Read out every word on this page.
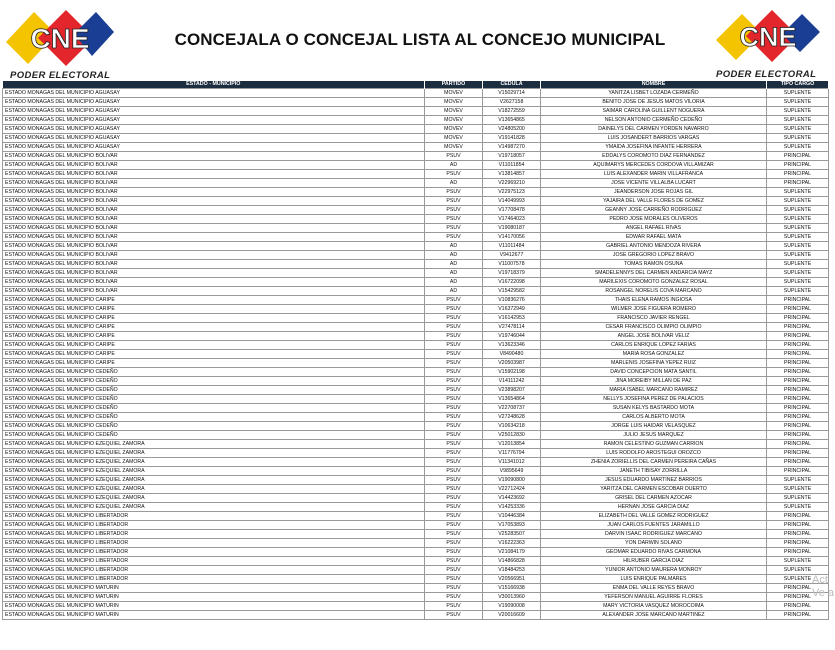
CNE
PODER ELECTORAL
CONCEJALA O CONCEJAL LISTA AL CONCEJO MUNICIPAL	CNE
PODER ELECTORAL
ESTADO - MUNICIPIO	PARTIDO	CEDULA	NOMBRE	TIPO CARGO
ESTADO MONAGAS DEL MUNICIPIO AGUASAY	MOVEV	V15029714	YANITZA LISBET LOZADA CERMEÑO	SUPLENTE
ESTADO MONAGAS DEL MUNICIPIO AGUASAY	MOVEV	V2627158	BENITO JOSE DE JESUS MATOS VILORIA	SUPLENTE
ESTADO MONAGAS DEL MUNICIPIO AGUASAY	MOVEV	V18272559	SAIMAR CAROLINA GUILLENT NOGUERA	SUPLENTE
ESTADO MONAGAS DEL MUNICIPIO AGUASAY	MOVEV	V13654865	NELSON ANTONIO CERMEÑO CEDEÑO	SUPLENTE
ESTADO MONAGAS DEL MUNICIPIO AGUASAY	MOVEV	V24805200	DAINELYS DEL CARMEN YORDEN NAVARRO	SUPLENTE
ESTADO MONAGAS DEL MUNICIPIO AGUASAY	MOVEV	V19141828	LUIS JOSANDERT BARRIOS VARGAS	SUPLENTE
ESTADO MONAGAS DEL MUNICIPIO AGUASAY	MOVEV	V14987270	YMAIDA JOSEFINA INFANTE HERRERA	SUPLENTE
ESTADO MONAGAS DEL MUNICIPIO BOLIVAR	PSUV	V19718057	EDDALYS COROMOTO DIAZ FERNANDEZ	PRINCIPAL
ESTADO MONAGAS DEL MUNICIPIO BOLIVAR	AD	V11011854	AQUIMARYS MERCEDES CORDOVA VILLAMIZAR	PRINCIPAL
ESTADO MONAGAS DEL MUNICIPIO BOLIVAR	PSUV	V13814857	LUIS ALEXANDER MARIN VILLAFRANCA	PRINCIPAL
ESTADO MONAGAS DEL MUNICIPIO BOLIVAR	AD	V22969210	JOSE VICENTE VILLALBA LUCART	PRINCIPAL
ESTADO MONAGAS DEL MUNICIPIO BOLIVAR	PSUV	V22975123	JEANDERSON JOSE ROJAS GIL	SUPLENTE
ESTADO MONAGAS DEL MUNICIPIO BOLIVAR	PSUV	V14049993	YAJAIRA DEL VALLE FLORES DE GOMEZ	SUPLENTE
ESTADO MONAGAS DEL MUNICIPIO BOLIVAR	PSUV	V17708478	GEANNY JOSE CARREÑO RODRIGUEZ	SUPLENTE
ESTADO MONAGAS DEL MUNICIPIO BOLIVAR	PSUV	V17464023	PEDRO JOSE MORALES OLIVEROS	SUPLENTE
ESTADO MONAGAS DEL MUNICIPIO BOLIVAR	PSUV	V19080187	ANGEL RAFAEL RIVAS	SUPLENTE
ESTADO MONAGAS DEL MUNICIPIO BOLIVAR	PSUV	V14170056	EDWAR RAFAEL MATA	SUPLENTE
ESTADO MONAGAS DEL MUNICIPIO BOLIVAR	AD	V11011484	GABRIEL ANTONIO MENDOZA RIVERA	SUPLENTE
ESTADO MONAGAS DEL MUNICIPIO BOLIVAR	AD	V9412677	JOSE GREGORIO LOPEZ BRAVO	SUPLENTE
ESTADO MONAGAS DEL MUNICIPIO BOLIVAR	AD	V11007578	TOMAS RAMON OSUNA	SUPLENTE
ESTADO MONAGAS DEL MUNICIPIO BOLIVAR	AD	V19718379	SMADELENNYS DEL CARMEN ANDARCIA MAYZ	SUPLENTE
ESTADO MONAGAS DEL MUNICIPIO BOLIVAR	AD	V16722098	MARILEXIS COROMOTO GONZALEZ ROSAL	SUPLENTE
ESTADO MONAGAS DEL MUNICIPIO BOLIVAR	AD	V15429582	ROSANGEL NORELIS COVA MARCANO	SUPLENTE
ESTADO MONAGAS DEL MUNICIPIO CARIPE	PSUV	V10836276	THAIS ELENA RAMOS INGIOSA	PRINCIPAL
ESTADO MONAGAS DEL MUNICIPIO CARIPE	PSUV	V16372949	WILMER JOSE FIGUERA ROMERO	PRINCIPAL
ESTADO MONAGAS DEL MUNICIPIO CARIPE	PSUV	V16142953	FRANCISCO JAVIER RENGEL	PRINCIPAL
ESTADO MONAGAS DEL MUNICIPIO CARIPE	PSUV	V27478114	CESAR FRANCISCO OLIMPIO OLIMPIO	PRINCIPAL
ESTADO MONAGAS DEL MUNICIPIO CARIPE	PSUV	V19746044	ANGEL JOSE BOLIVAR VELIZ	PRINCIPAL
ESTADO MONAGAS DEL MUNICIPIO CARIPE	PSUV	V13623346	CARLOS ENRIQUE LOPEZ FARIAS	PRINCIPAL
ESTADO MONAGAS DEL MUNICIPIO CARIPE	PSUV	V8490480	MARIA ROSA GONZALEZ	PRINCIPAL
ESTADO MONAGAS DEL MUNICIPIO CARIPE	PSUV	V20503987	MARLENIS JOSEFINA YEPEZ RUIZ	PRINCIPAL
ESTADO MONAGAS DEL MUNICIPIO CEDEÑO	PSUV	V15902198	DAVID CONCEPCION MATA SANTIL	PRINCIPAL
ESTADO MONAGAS DEL MUNICIPIO CEDEÑO	PSUV	V14111242	JINA MOREIBY MILLAN DE PAZ	PRINCIPAL
ESTADO MONAGAS DEL MUNICIPIO CEDEÑO	PSUV	V23898207	MARIA ISABEL MARCANO RAMIREZ	PRINCIPAL
ESTADO MONAGAS DEL MUNICIPIO CEDEÑO	PSUV	V13654864	NELLYS JOSEFINA PEREZ DE PALACIOS	PRINCIPAL
ESTADO MONAGAS DEL MUNICIPIO CEDEÑO	PSUV	V22708737	SUSAN KELYS BASTARDO MOTA	PRINCIPAL
ESTADO MONAGAS DEL MUNICIPIO CEDEÑO	PSUV	V27248628	CARLOS ALBERTO MOTA	PRINCIPAL
ESTADO MONAGAS DEL MUNICIPIO CEDEÑO	PSUV	V10634218	JORGE LUIS HAIDAR VELASQUEZ	PRINCIPAL
ESTADO MONAGAS DEL MUNICIPIO CEDEÑO	PSUV	V25012830	JULIO JESUS MARQUEZ	PRINCIPAL
ESTADO MONAGAS DEL MUNICIPIO EZEQUIEL ZAMORA	PSUV	V12013854	RAMON CELESTINO GUZMAN CARRION	PRINCIPAL
ESTADO MONAGAS DEL MUNICIPIO EZEQUIEL ZAMORA	PSUV	V11776794	LUIS RODOLFO AROSTEGUI OROZCO	PRINCIPAL
ESTADO MONAGAS DEL MUNICIPIO EZEQUIEL ZAMORA	PSUV	V11341012	ZHENIA ZORIELLIS DEL CARMEN PEREIRA CAÑAS	PRINCIPAL
ESTADO MONAGAS DEL MUNICIPIO EZEQUIEL ZAMORA	PSUV	V9895649	JANETH TIBISAY ZORRILLA	PRINCIPAL
ESTADO MONAGAS DEL MUNICIPIO EZEQUIEL ZAMORA	PSUV	V19090800	JESUS EDUARDO MARTINEZ BARRIOS	SUPLENTE
ESTADO MONAGAS DEL MUNICIPIO EZEQUIEL ZAMORA	PSUV	V22712424	YARITZA DEL CARMEN ESCOBAR DUERTO	SUPLENTE
ESTADO MONAGAS DEL MUNICIPIO EZEQUIEL ZAMORA	PSUV	V14423692	GRISEL DEL CARMEN AZOCAR	SUPLENTE
ESTADO MONAGAS DEL MUNICIPIO EZEQUIEL ZAMORA	PSUV	V14253336	HERNAN JOSE GARCIA DIAZ	SUPLENTE
ESTADO MONAGAS DEL MUNICIPIO LIBERTADOR	PSUV	V10446384	ELIZABETH DEL VALLE GOMEZ RODRIGUEZ	PRINCIPAL
ESTADO MONAGAS DEL MUNICIPIO LIBERTADOR	PSUV	V17053893	JUAN CARLOS FUENTES JARAMILLO	PRINCIPAL
ESTADO MONAGAS DEL MUNICIPIO LIBERTADOR	PSUV	V25283507	DARVIN ISAAC RODRIGUEZ MARCANO	PRINCIPAL
ESTADO MONAGAS DEL MUNICIPIO LIBERTADOR	PSUV	V16222363	YON DARWIN SOLANO	PRINCIPAL
ESTADO MONAGAS DEL MUNICIPIO LIBERTADOR	PSUV	V21084179	GEOMAR EDUARDO RIVAS CARMONA	PRINCIPAL
ESTADO MONAGAS DEL MUNICIPIO LIBERTADOR	PSUV	V14866828	HILRUBER GARCIA DIAZ	SUPLENTE
ESTADO MONAGAS DEL MUNICIPIO LIBERTADOR	PSUV	V18484253	YUNIOR ANTONIO MAURERA MONROY	SUPLENTE
ESTADO MONAGAS DEL MUNICIPIO LIBERTADOR	PSUV	V20566951	LUIS ENRIQUE PALMARES	SUPLENTE
ESTADO MONAGAS DEL MUNICIPIO MATURIN	PSUV	V15166938	ENMA DEL VALLE REYES BRAVO	PRINCIPAL
ESTADO MONAGAS DEL MUNICIPIO MATURIN	PSUV	V30013960	YEFERSON MANUEL AGUIRRE FLORES	PRINCIPAL
ESTADO MONAGAS DEL MUNICIPIO MATURIN	PSUV	V19090008	MARY VICTORIA VASQUEZ MOROCOIMA	PRINCIPAL
ESTADO MONAGAS DEL MUNICIPIO MATURIN	PSUV	V20016609	ALEXANDER JOSE MARCANO MARTINEZ	PRINCIPAL
Act
Ve a
